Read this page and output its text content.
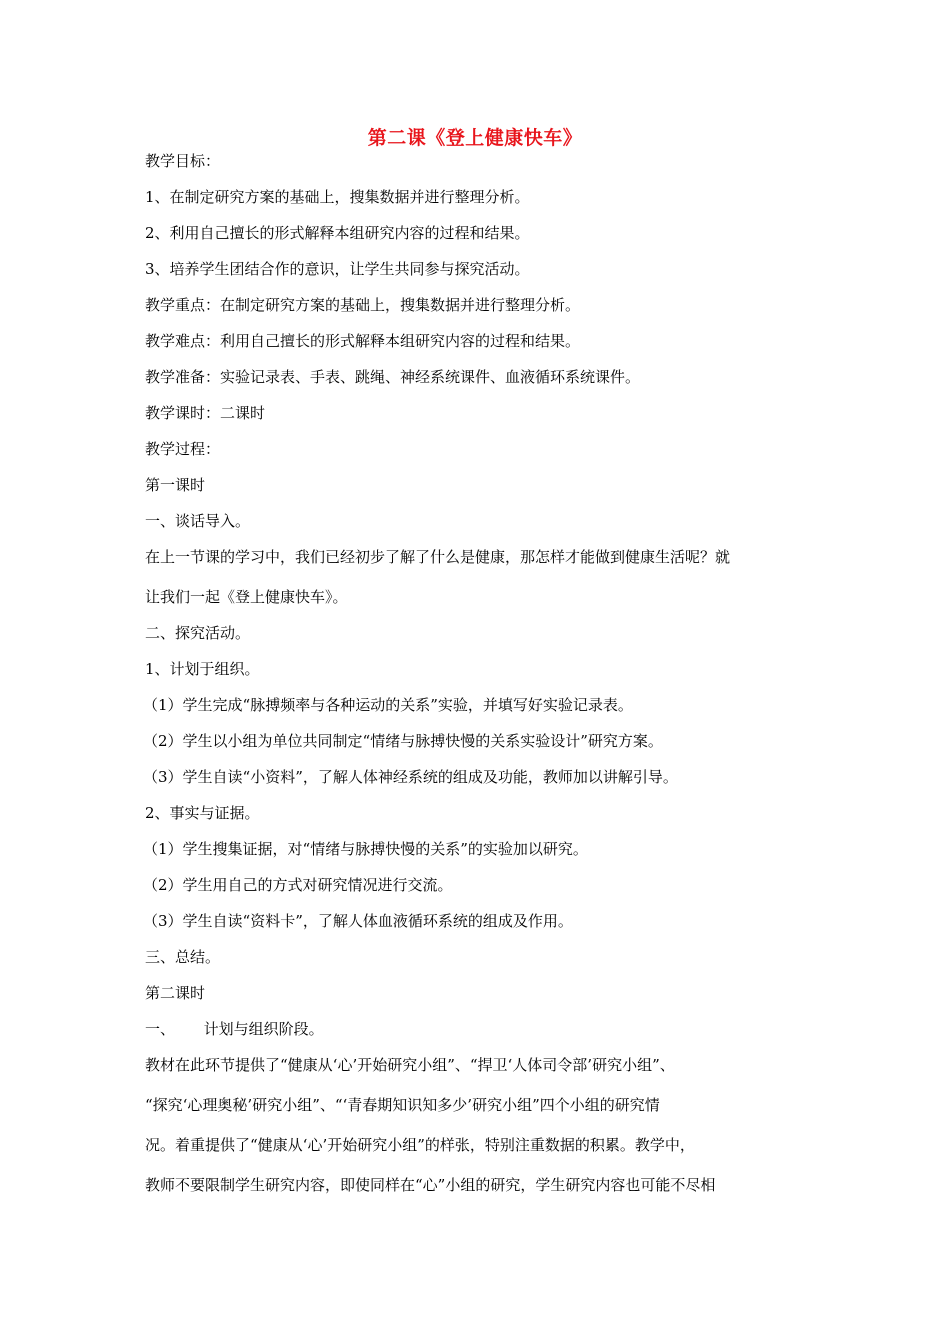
第二课《登上健康快车》

教学目标：

1、在制定研究方案的基础上，搜集数据并进行整理分析。

2、利用自己擅长的形式解释本组研究内容的过程和结果。

3、培养学生团结合作的意识，让学生共同参与探究活动。

教学重点：在制定研究方案的基础上，搜集数据并进行整理分析。

教学难点：利用自己擅长的形式解释本组研究内容的过程和结果。

教学准备：实验记录表、手表、跳绳、神经系统课件、血液循环系统课件。

教学课时：二课时

教学过程：

第一课时

一、谈话导入。

在上一节课的学习中，我们已经初步了解了什么是健康，那怎样才能做到健康生活呢？就

让我们一起《登上健康快车》。

二、探究活动。

1、计划于组织。

（1）学生完成“脉搏频率与各种运动的关系”实验，并填写好实验记录表。

（2）学生以小组为单位共同制定“情绪与脉搏快慢的关系实验设计”研究方案。

（3）学生自读“小资料”，了解人体神经系统的组成及功能，教师加以讲解引导。

2、事实与证据。

（1）学生搜集证据，对“情绪与脉搏快慢的关系”的实验加以研究。

（2）学生用自己的方式对研究情况进行交流。

（3）学生自读“资料卡”，了解人体血液循环系统的组成及作用。

三、总结。

第二课时

一、      计划与组织阶段。

教材在此环节提供了“健康从‘心’开始研究小组”、“捍卫‘人体司令部’研究小组”、

“探究‘心理奥秘’研究小组”、“‘青春期知识知多少’研究小组”四个小组的研究情

况。着重提供了“健康从‘心’开始研究小组”的样张，特别注重数据的积累。教学中，

教师不要限制学生研究内容，即使同样在“心”小组的研究，学生研究内容也可能不尽相
